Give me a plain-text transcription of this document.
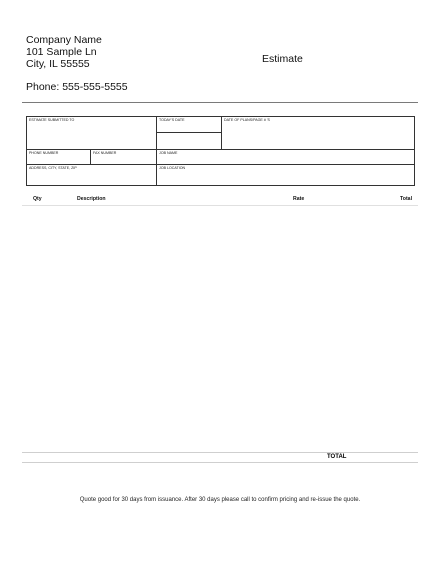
Company Name
101 Sample Ln
City, IL 55555
Phone: 555-555-5555
Estimate
ESTIMATE SUBMITTED TO		TODAY'S DATE	DATE OF PLANS/PAGE # 'S

PHONE NUMBER	FAX NUMBER	JOB NAME	
ADDRESS, CITY, STATE, ZIP		JOB LOCATION	
Qty	Description	Rate	Total
TOTAL
Quote good for 30 days from issuance. After 30 days please call to confirm pricing and re-issue the quote.
